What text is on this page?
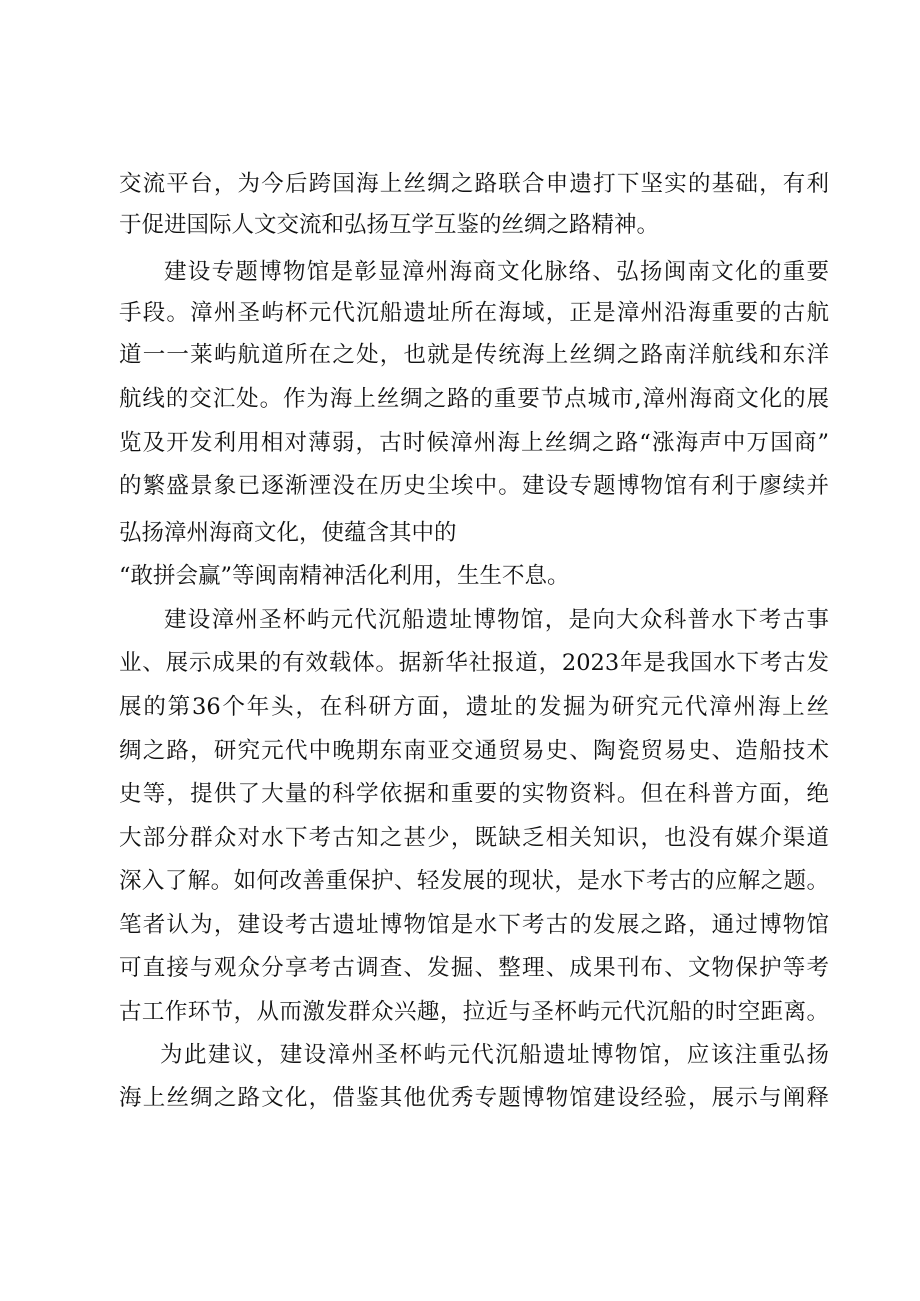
交流平台，为今后跨国海上丝绸之路联合申遗打下坚实的基础，有利
于促进国际人文交流和弘扬互学互鉴的丝绸之路精神。
建设专题博物馆是彰显漳州海商文化脉络、弘扬闽南文化的重要
手段。漳州圣屿杯元代沉船遗址所在海域，正是漳州沿海重要的古航
道一一莱屿航道所在之处，也就是传统海上丝绸之路南洋航线和东洋
航线的交汇处。作为海上丝绸之路的重要节点城市,漳州海商文化的展
览及开发利用相对薄弱，古时候漳州海上丝绸之路“涨海声中万国商”
的繁盛景象已逐渐湮没在历史尘埃中。建设专题博物馆有利于廖续并
弘扬漳州海商文化，使蕴含其中的
“敢拼会赢”等闽南精神活化利用，生生不息。
建设漳州圣杯屿元代沉船遗址博物馆，是向大众科普水下考古事
业、展示成果的有效载体。据新华社报道，2023年是我国水下考古发
展的第36个年头，在科研方面，遗址的发掘为研究元代漳州海上丝
绸之路，研究元代中晚期东南亚交通贸易史、陶瓷贸易史、造船技术
史等，提供了大量的科学依据和重要的实物资料。但在科普方面，绝
大部分群众对水下考古知之甚少，既缺乏相关知识，也没有媒介渠道
深入了解。如何改善重保护、轻发展的现状，是水下考古的应解之题。
笔者认为，建设考古遗址博物馆是水下考古的发展之路，通过博物馆
可直接与观众分享考古调查、发掘、整理、成果刊布、文物保护等考
古工作环节，从而激发群众兴趣，拉近与圣杯屿元代沉船的时空距离。
为此建议，建设漳州圣杯屿元代沉船遗址博物馆，应该注重弘扬
海上丝绸之路文化，借鉴其他优秀专题博物馆建设经验，展示与阐释
